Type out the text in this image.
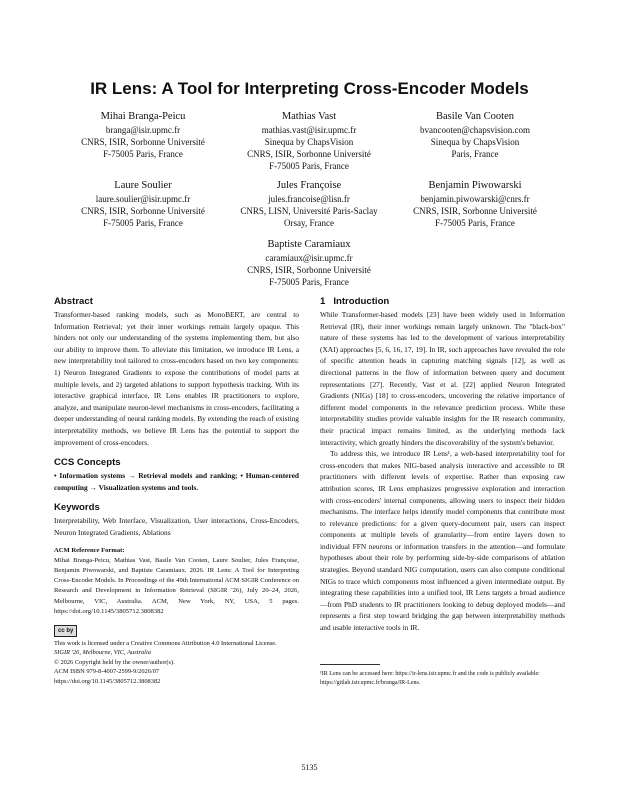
IR Lens: A Tool for Interpreting Cross-Encoder Models
Mihai Branga-Peicu
branga@isir.upmc.fr
CNRS, ISIR, Sorbonne Université
F-75005 Paris, France
Mathias Vast
mathias.vast@isir.upmc.fr
Sinequa by ChapsVision
CNRS, ISIR, Sorbonne Université
F-75005 Paris, France
Basile Van Cooten
bvancooten@chapsvision.com
Sinequa by ChapsVision
Paris, France
Laure Soulier
laure.soulier@isir.upmc.fr
CNRS, ISIR, Sorbonne Université
F-75005 Paris, France
Jules Françoise
jules.francoise@lisn.fr
CNRS, LISN, Université Paris-Saclay
Orsay, France
Benjamin Piwowarski
benjamin.piwowarski@cnrs.fr
CNRS, ISIR, Sorbonne Université
F-75005 Paris, France
Baptiste Caramiaux
caramiaux@isir.upmc.fr
CNRS, ISIR, Sorbonne Université
F-75005 Paris, France
Abstract

Transformer-based ranking models, such as MonoBERT, are central to Information Retrieval; yet their inner workings remain largely opaque. This hinders not only our understanding of the systems implementing them, but also our ability to improve them. To alleviate this limitation, we introduce IR Lens, a new interpretability tool tailored to cross-encoders based on two key components: 1) Neuron Integrated Gradients to expose the contributions of model parts at multiple levels, and 2) targeted ablations to support hypothesis tracking. With its interactive graphical interface, IR Lens enables IR practitioners to explore, analyze, and manipulate neuron-level mechanisms in cross-encoders, facilitating a deeper understanding of neural ranking models. By extending the reach of existing interpretability methods, we believe IR Lens has the potential to support the improvement of cross-encoders.

CCS Concepts

• Information systems → Retrieval models and ranking; • Human-centered computing → Visualization systems and tools.

Keywords

Interpretability, Web Interface, Visualization, User interactions, Cross-Encoders, Neuron Integrated Gradients, Ablations

ACM Reference Format:
Mihai Branga-Peicu, Mathias Vast, Basile Van Cooten, Laure Soulier, Jules Françoise, Benjamin Piwowarski, and Baptiste Caramiaux. 2026. IR Lens: A Tool for Interpreting Cross-Encoder Models. In Proceedings of the 49th International ACM SIGIR Conference on Research and Development in Information Retrieval (SIGIR '26), July 20–24, 2026, Melbourne, VIC, Australia. ACM, New York, NY, USA, 5 pages. https://doi.org/10.1145/3805712.3808382
cc by
This work is licensed under a Creative Commons Attribution 4.0 International License.
SIGIR '26, Melbourne, VIC, Australia
© 2026 Copyright held by the owner/author(s).
ACM ISBN 979-8-4007-2599-9/2026/07
https://doi.org/10.1145/3805712.3808382
1   Introduction

While Transformer-based models [23] have been widely used in Information Retrieval (IR), their inner workings remain largely unknown. The "black-box" nature of these systems has led to the development of various interpretability (XAI) approaches [5, 6, 16, 17, 19]. In IR, such approaches have revealed the role of specific attention heads in capturing matching signals [12], as well as directional patterns in the flow of information between query and document representations [27]. Recently, Vast et al. [22] applied Neuron Integrated Gradients (NIGs) [18] to cross-encoders, uncovering the relative importance of different model components in the relevance prediction process. While these interpretability studies provide valuable insights for the IR research community, their practical impact remains limited, as the underlying methods lack interactivity, which greatly hinders the discoverability of the system's behavior.

To address this, we introduce IR Lens¹, a web-based interpretability tool for cross-encoders that makes NIG-based analysis interactive and accessible to IR practitioners with different levels of expertise. Rather than exposing raw attribution scores, IR Lens emphasizes progressive exploration and interaction with cross-encoders' internal components, allowing users to inspect their hidden mechanisms. The interface helps identify model components that contribute most to relevance predictions: for a given query-document pair, users can inspect components at multiple levels of granularity—from entire layers down to individual FFN neurons or information transfers in the attention—and formulate hypotheses about their role by performing side-by-side comparisons of ablation strategies. Beyond standard NIG computation, users can also compute conditional NIGs to trace which components most influenced a given intermediate output. By integrating these capabilities into a unified tool, IR Lens targets a broad audience—from PhD students to IR practitioners looking to debug deployed models—and represents a first step toward bridging the gap between interpretability methods and usable interactive tools in IR.

¹IR Lens can be accessed here: https://ir-lens.isir.upmc.fr and the code is publicly available: https://gitlab.isir.upmc.fr/branga/IR-Lens.
5135
